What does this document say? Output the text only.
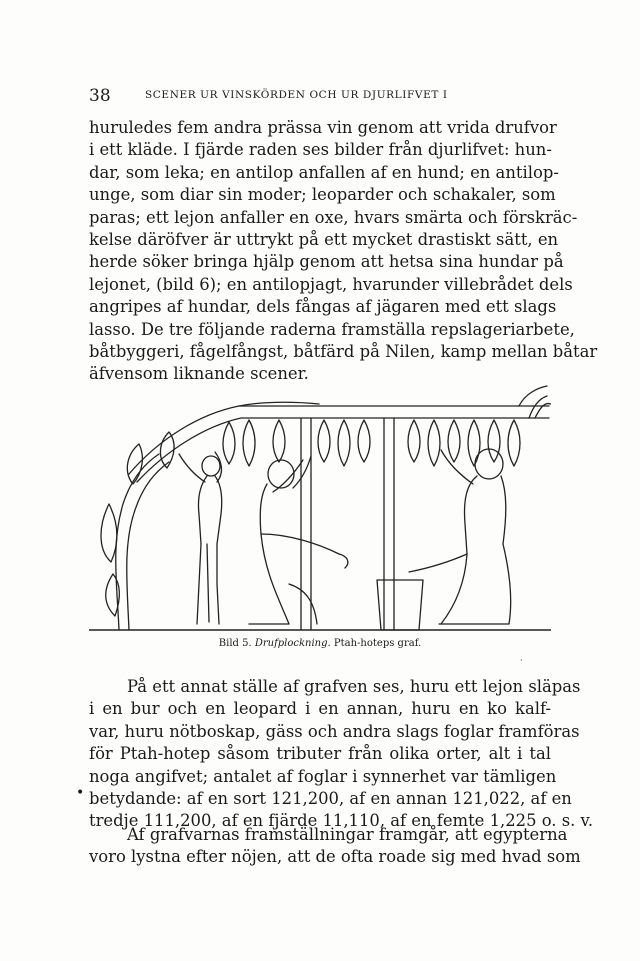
38	SCENER UR VINSKÖRDEN OCH UR DJURLIFVET I
huruledes fem andra prässa vin genom att vrida drufvor
i ett kläde. I fjärde raden ses bilder från djurlifvet: hun-
dar, som leka; en antilop anfallen af en hund; en antilop-
unge, som diar sin moder; leoparder och schakaler, som
paras; ett lejon anfaller en oxe, hvars smärta och förskräc-
kelse däröfver är uttrykt på ett mycket drastiskt sätt, en
herde söker bringa hjälp genom att hetsa sina hundar på
lejonet, (bild 6); en antilopjagt, hvarunder villebrådet dels
angripes af hundar, dels fångas af jägaren med ett slags
lasso. De tre följande raderna framställa repslageriarbete,
båtbyggeri, fågelfångst, båtfärd på Nilen, kamp mellan båtar
äfvensom liknande scener.
Bild 5. Drufplockning. Ptah-hoteps graf.
·
På ett annat ställe af grafven ses, huru ett lejon släpas
i en bur och en leopard i en annan, huru en ko kalf-
var, huru nötboskap, gäss och andra slags foglar framföras
för Ptah-hotep såsom tributer från olika orter, alt i tal
noga angifvet; antalet af foglar i synnerhet var tämligen
betydande: af en sort 121,200, af en annan 121,022, af en
tredje 111,200, af en fjärde 11,110, af en femte 1,225 o. s. v.
•
Af grafvarnas framställningar framgår, att egypterna
voro lystna efter nöjen, att de ofta roade sig med hvad som
